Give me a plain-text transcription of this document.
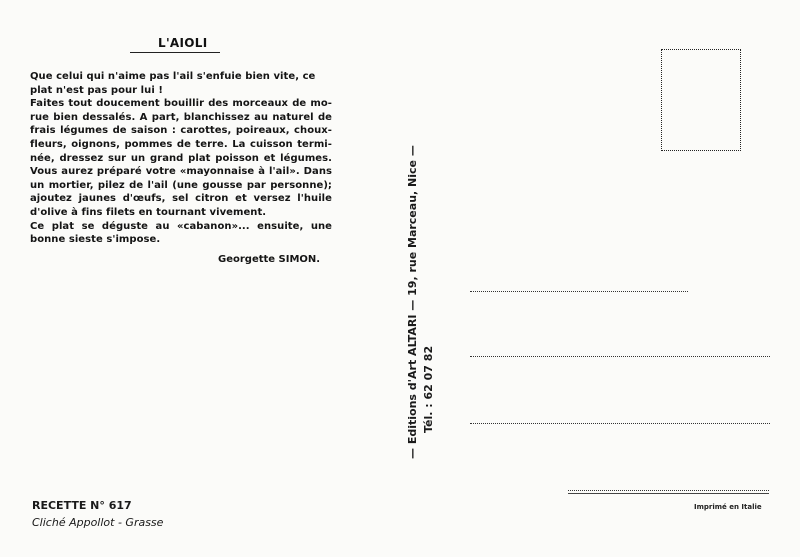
L'AIOLI
Que celui qui n'aime pas l'ail s'enfuie bien vite, ce
plat n'est pas pour lui !
Faites tout doucement bouillir des morceaux de mo-
rue bien dessalés. A part, blanchissez au naturel de
frais légumes de saison : carottes, poireaux, choux-
fleurs, oignons, pommes de terre. La cuisson termi-
née, dressez sur un grand plat poisson et légumes.
Vous aurez préparé votre «mayonnaise à l'ail». Dans
un mortier, pilez de l'ail (une gousse par personne);
ajoutez jaunes d'œufs, sel citron et versez l'huile
d'olive à fins filets en tournant vivement.
Ce plat se déguste au «cabanon»... ensuite, une
bonne sieste s'impose.
Georgette SIMON.
RECETTE N° 617
Cliché Appollot - Grasse
— Editions d'Art ALTARI — 19, rue Marceau, Nice — Tél. : 62 07 82
Imprimé en Italie
